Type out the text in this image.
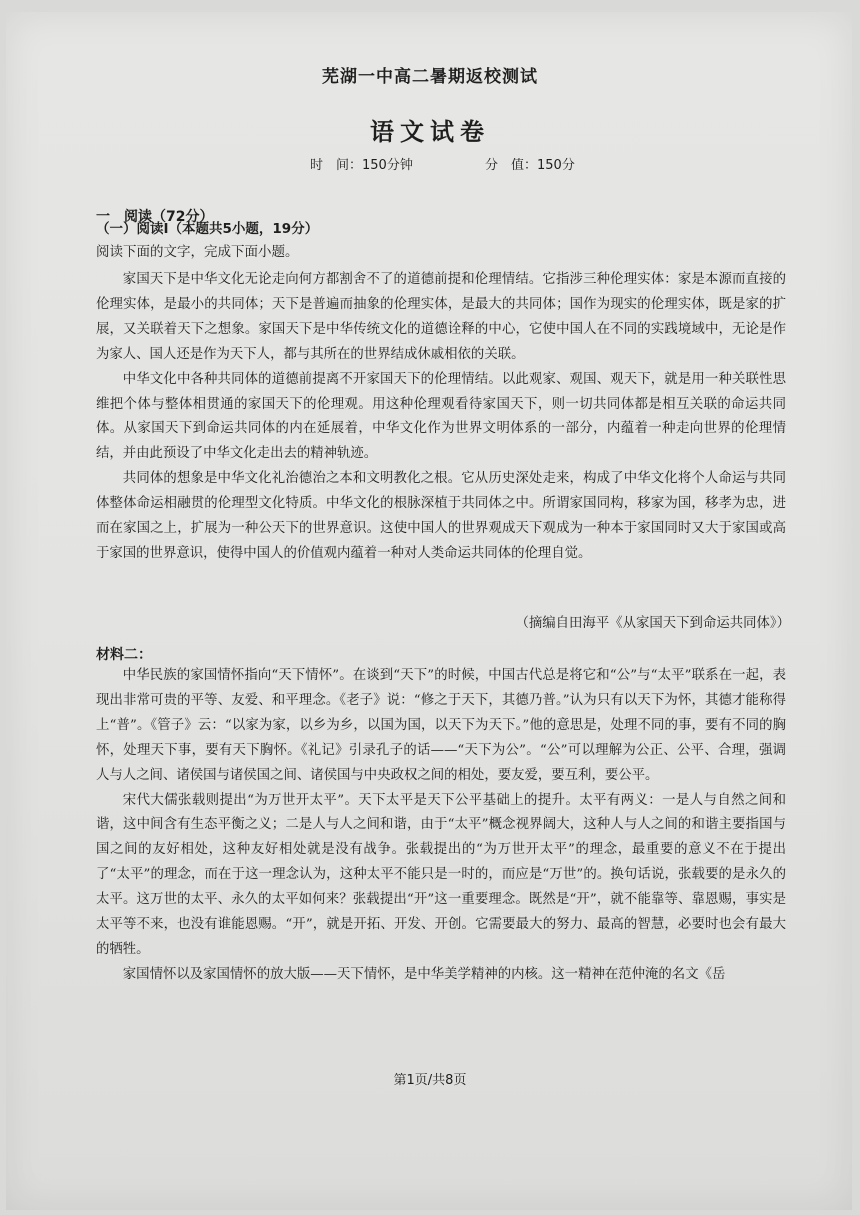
芜湖一中高二暑期返校测试
语文试卷
时　间：150分钟	分　值：150分
一　阅读（72分）
（一）阅读Ⅰ（本题共5小题，19分）
阅读下面的文字，完成下面小题。

家国天下是中华文化无论走向何方都割舍不了的道德前提和伦理情结。它指涉三种伦理实体：家是本源而直接的伦理实体，是最小的共同体；天下是普遍而抽象的伦理实体，是最大的共同体；国作为现实的伦理实体，既是家的扩展，又关联着天下之想象。家国天下是中华传统文化的道德诠释的中心，它使中国人在不同的实践境域中，无论是作为家人、国人还是作为天下人，都与其所在的世界结成休戚相依的关联。

中华文化中各种共同体的道德前提离不开家国天下的伦理情结。以此观家、观国、观天下，就是用一种关联性思维把个体与整体相贯通的家国天下的伦理观。用这种伦理观看待家国天下，则一切共同体都是相互关联的命运共同体。从家国天下到命运共同体的内在延展着，中华文化作为世界文明体系的一部分，内蕴着一种走向世界的伦理情结，并由此预设了中华文化走出去的精神轨迹。

共同体的想象是中华文化礼治德治之本和文明教化之根。它从历史深处走来，构成了中华文化将个人命运与共同体整体命运相融贯的伦理型文化特质。中华文化的根脉深植于共同体之中。所谓家国同构，移家为国，移孝为忠，进而在家国之上，扩展为一种公天下的世界意识。这使中国人的世界观成天下观成为一种本于家国同时又大于家国或高于家国的世界意识，使得中国人的价值观内蕴着一种对人类命运共同体的伦理自觉。

（摘编自田海平《从家国天下到命运共同体》）
材料二：

中华民族的家国情怀指向“天下情怀”。在谈到“天下”的时候，中国古代总是将它和“公”与“太平”联系在一起，表现出非常可贵的平等、友爱、和平理念。《老子》说：“修之于天下，其德乃普。”认为只有以天下为怀，其德才能称得上“普”。《管子》云：“以家为家，以乡为乡，以国为国，以天下为天下。”他的意思是，处理不同的事，要有不同的胸怀，处理天下事，要有天下胸怀。《礼记》引录孔子的话——“天下为公”。“公”可以理解为公正、公平、合理，强调人与人之间、诸侯国与诸侯国之间、诸侯国与中央政权之间的相处，要友爱，要互利，要公平。

宋代大儒张载则提出“为万世开太平”。天下太平是天下公平基础上的提升。太平有两义：一是人与自然之间和谐，这中间含有生态平衡之义；二是人与人之间和谐，由于“太平”概念视界阔大，这种人与人之间的和谐主要指国与国之间的友好相处，这种友好相处就是没有战争。张载提出的“为万世开太平”的理念，最重要的意义不在于提出了“太平”的理念，而在于这一理念认为，这种太平不能只是一时的，而应是“万世”的。换句话说，张载要的是永久的太平。这万世的太平、永久的太平如何来？张载提出“开”这一重要理念。既然是“开”，就不能靠等、靠恩赐，事实是太平等不来，也没有谁能恩赐。“开”，就是开拓、开发、开创。它需要最大的努力、最高的智慧，必要时也会有最大的牺牲。

家国情怀以及家国情怀的放大版——天下情怀，是中华美学精神的内核。这一精神在范仲淹的名文《岳

第1页/共8页
